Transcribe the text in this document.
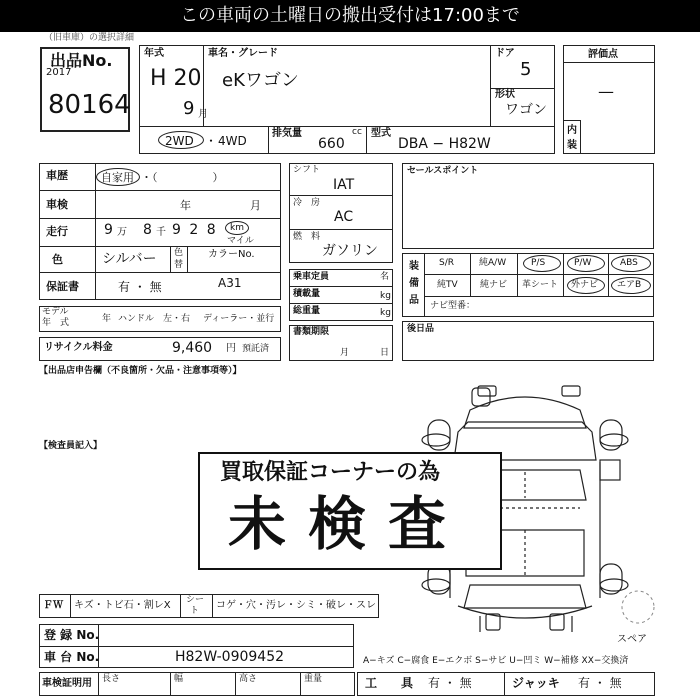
この車両の土曜日の搬出受付は17:00まで
（旧車庫）の選択詳細
出品No.
2017
80164
年式
H 20
9 月
車名・グレード
eKワゴン
ドア
5
形状
ワゴン
2WD ・ 4WD
排気量
660
cc 型式
DBA − H82W
評価点
—
内
装
車歴	自家用 ・（　　　　　）
車検	年	月
走行	9 万 8 千 9 2 8 km
マイル
色	シルバー 色
替
カラーNo.
A31
保証書	有 ・ 無
モデル
年　式	年 ハンドル　左・右 ディーラー・並行
リサイクル料金	9,460 円 預託済
シフト
IAT
冷　房
AC
燃　料
ガソリン
乗車定員	名
積載量	kg
総重量	kg
書類期限
月	日
セールスポイント
装
備
品
S/R	純A/W	P/S	P/W	ABS
純TV 純ナビ 革シート 外ナビ エアB
ナビ型番：
後日品
【出品店申告欄（不良箇所・欠品・注意事項等）】
【検査員記入】
買取保証コーナーの為
未検査
ＦＷ キズ・トビ石・割レX シー
ト コゲ・穴・汚レ・シミ・破レ・スレ
登 録 No.
車 台 No.	H82W-0909452
車検証明用 長さ	幅	高さ	重量
スペア
A−キズ C−腐食 E−エクボ S−サビ U−凹ミ W−補修 XX−交換済
工　　具 有 ・ 無	ジャッキ 有 ・ 無
